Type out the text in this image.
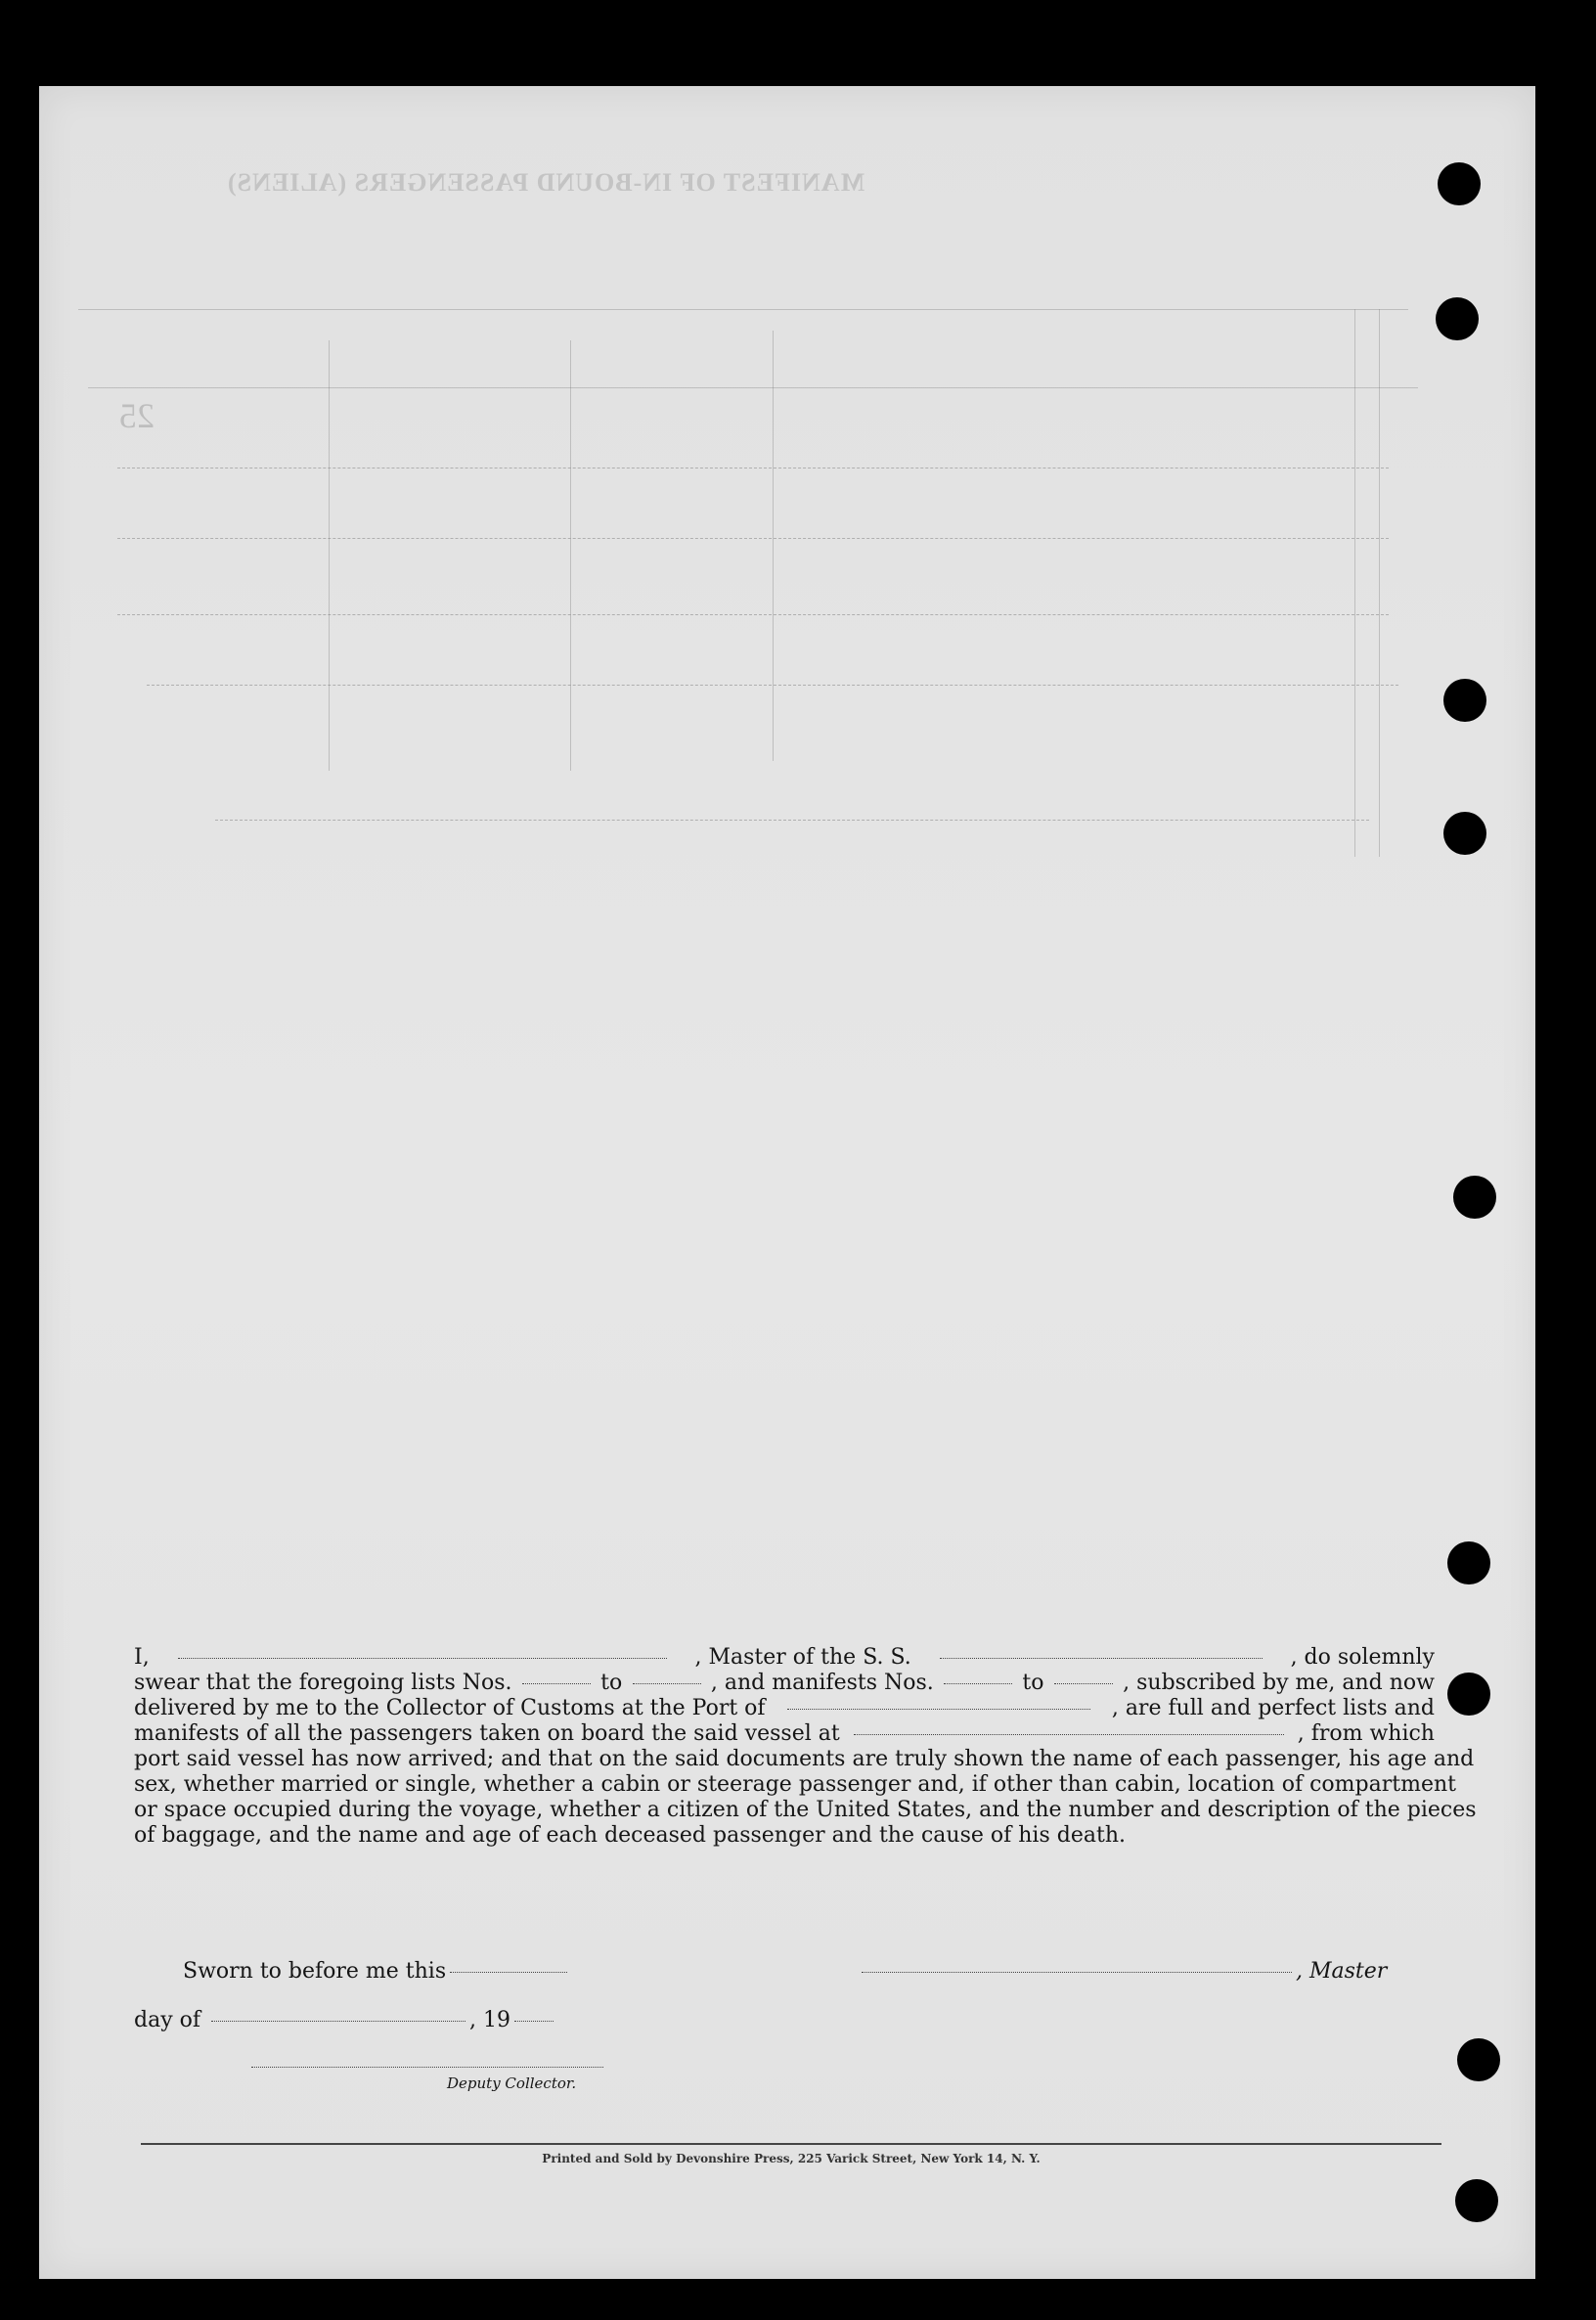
MANIFEST OF IN-BOUND PASSENGERS (ALIENS)
25
I,	, Master of the S. S.	, do solemnly
swear that the foregoing lists Nos.	to	, and manifests Nos.	to	, subscribed by me, and now
delivered by me to the Collector of Customs at the Port of	, are full and perfect lists and
manifests of all the passengers taken on board the said vessel at	, from which
port said vessel has now arrived; and that on the said documents are truly shown the name of each passenger, his age and
sex, whether married or single, whether a cabin or steerage passenger and, if other than cabin, location of compartment
or space occupied during the voyage, whether a citizen of the United States, and the number and description of the pieces
of baggage, and the name and age of each deceased passenger and the cause of his death.
Sworn to before me this	, Master
day of	, 19
Deputy Collector.
Printed and Sold by Devonshire Press, 225 Varick Street, New York 14, N. Y.
